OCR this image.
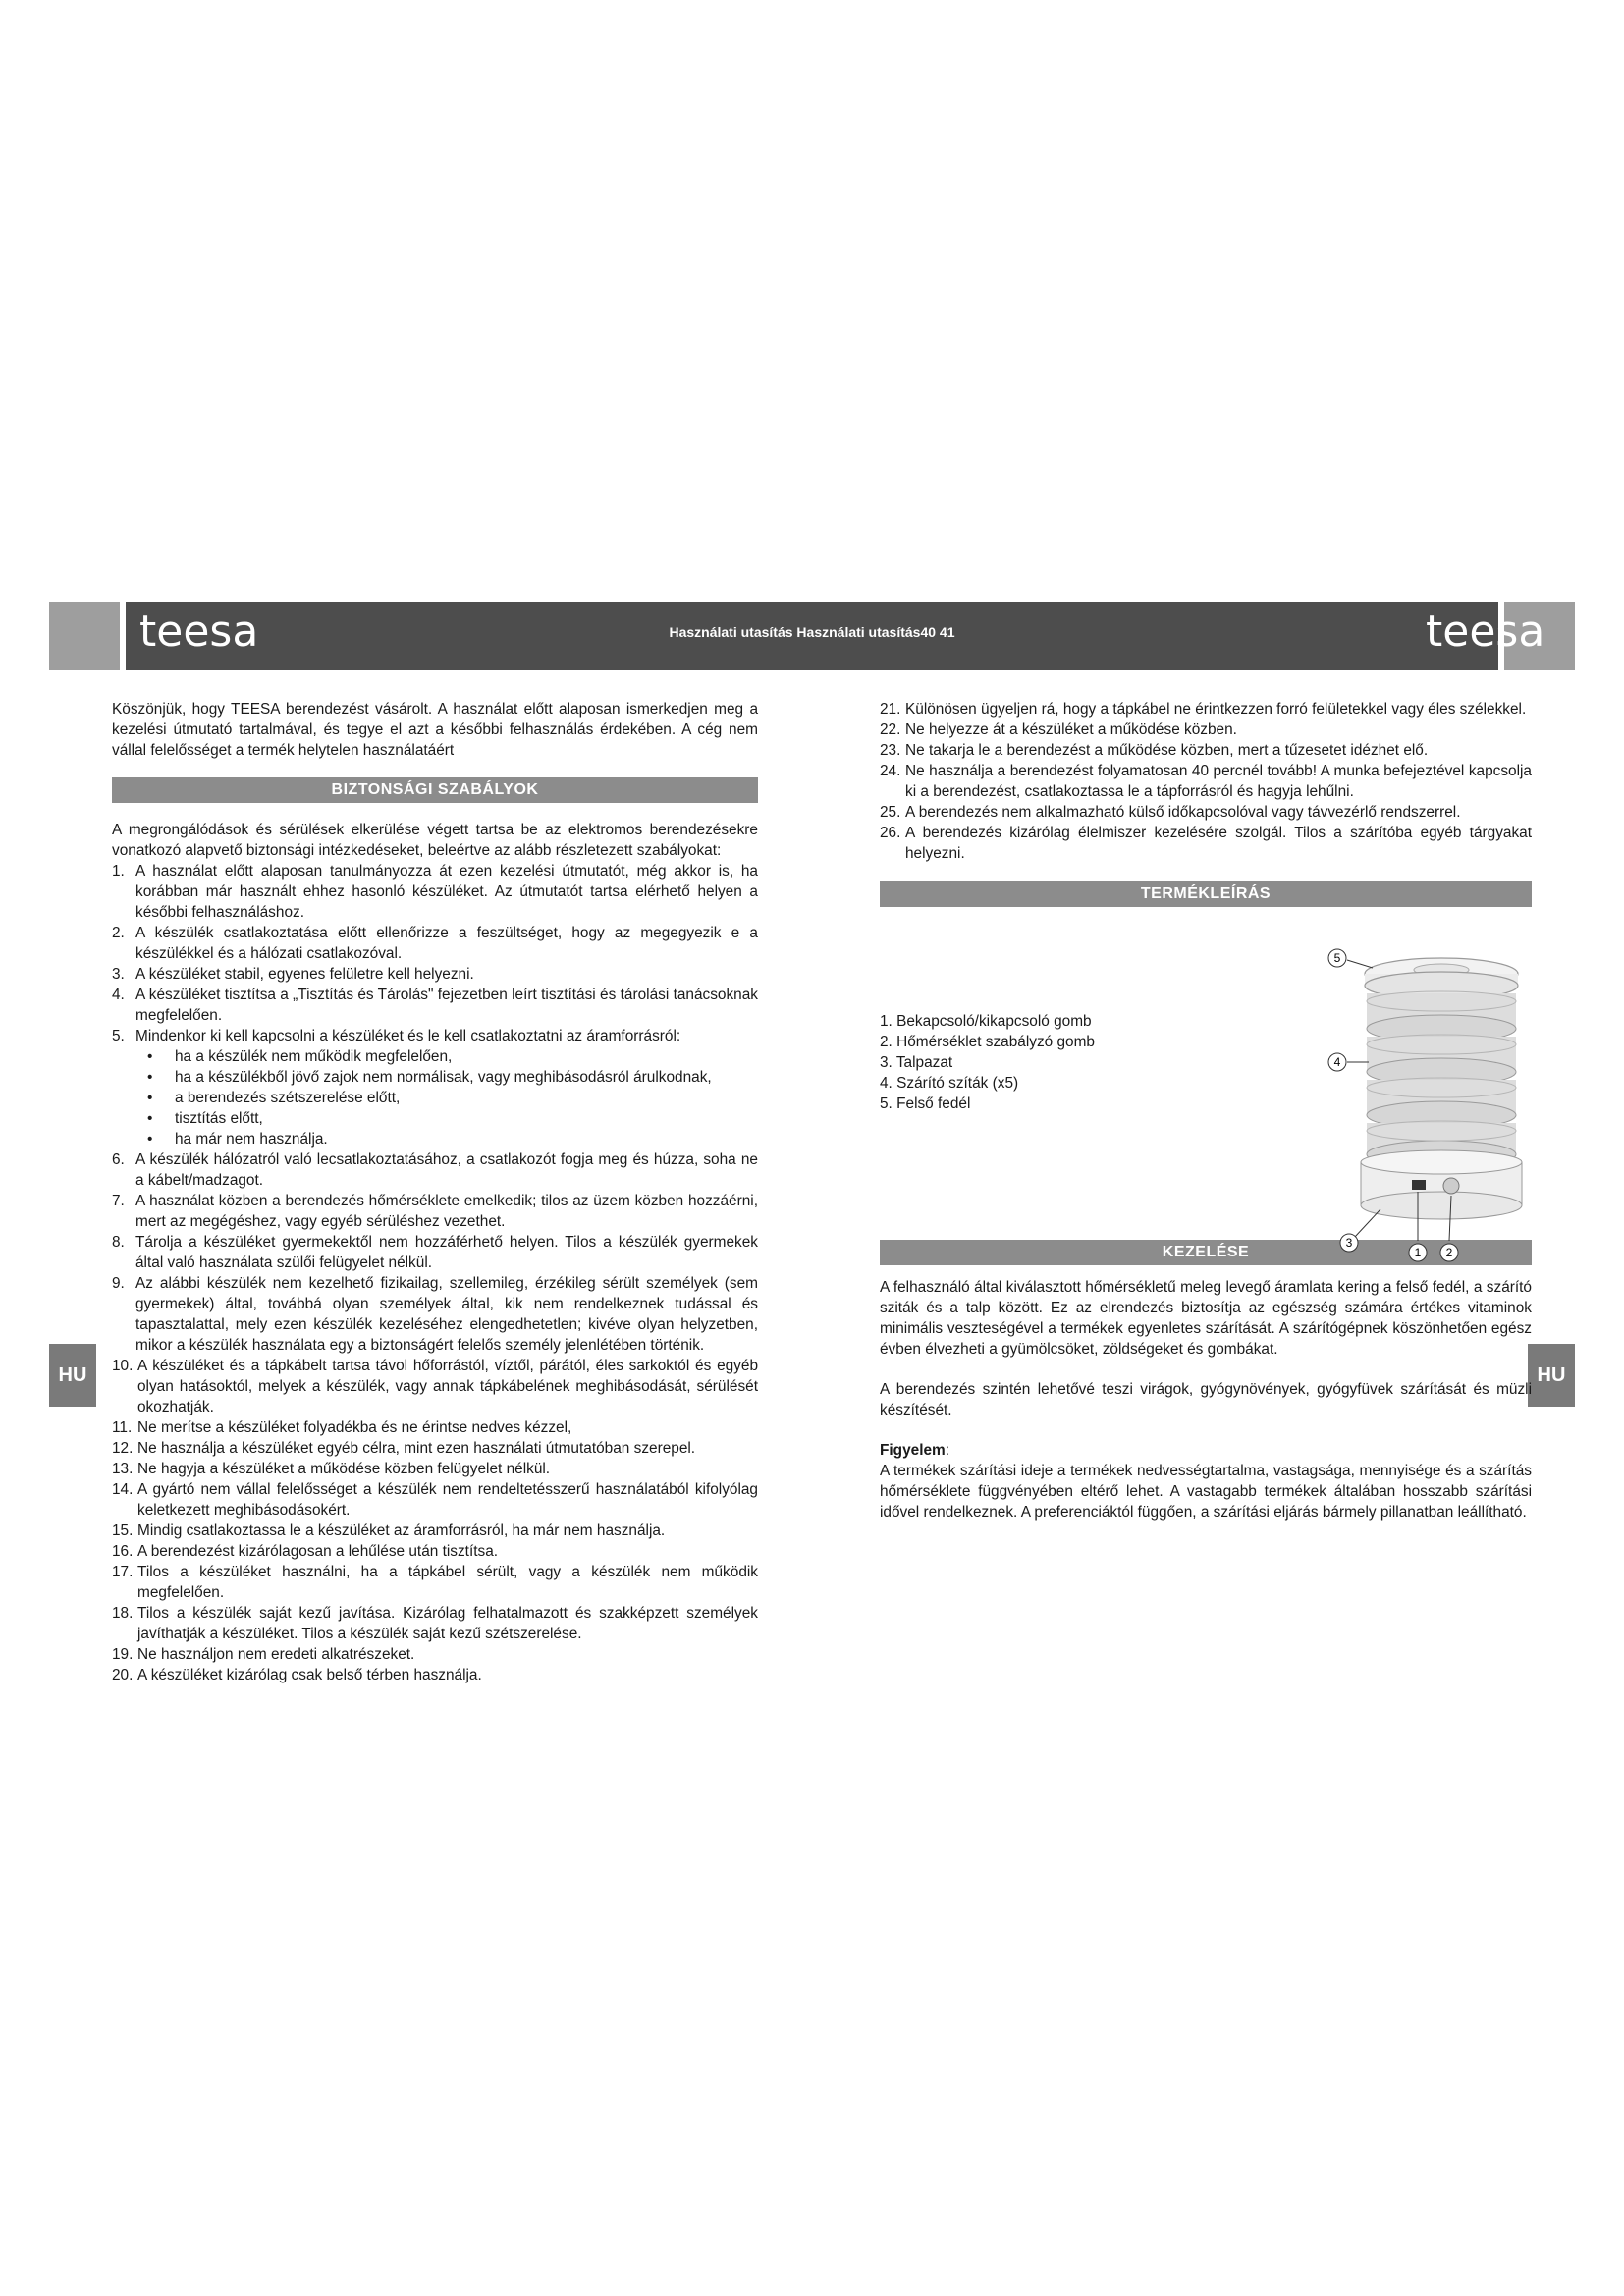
teesa	teesa
Használati utasítás Használati utasítás40 41
HU	HU

Köszönjük, hogy TEESA berendezést vásárolt. A használat előtt alaposan ismerkedjen meg a kezelési útmutató tartalmával, és tegye el azt a későbbi felhasználás érdekében. A cég nem vállal felelősséget a termék helytelen használatáért

BIZTONSÁGI SZABÁLYOK

A megrongálódások és sérülések elkerülése végett tartsa be az elektromos berendezésekre vonatkozó alapvető biztonsági intézkedéseket, beleértve az alább részletezett szabályokat:

1. A használat előtt alaposan tanulmányozza át ezen kezelési útmutatót, még akkor is, ha korábban már használt ehhez hasonló készüléket. Az útmutatót tartsa elérhető helyen a későbbi felhasználáshoz.
2. A készülék csatlakoztatása előtt ellenőrizze a feszültséget, hogy az megegyezik e a készülékkel és a hálózati csatlakozóval.
3. A készüléket stabil, egyenes felületre kell helyezni.
4. A készüléket tisztítsa a „Tisztítás és Tárolás" fejezetben leírt tisztítási és tárolási tanácsoknak megfelelően.
5. Mindenkor ki kell kapcsolni a készüléket és le kell csatlakoztatni az áramforrásról:
• ha a készülék nem működik megfelelően,
• ha a készülékből jövő zajok nem normálisak, vagy meghibásodásról árulkodnak,
• a berendezés szétszerelése előtt,
• tisztítás előtt,
• ha már nem használja.
6. A készülék hálózatról való lecsatlakoztatásához, a csatlakozót fogja meg és húzza, soha ne a kábelt/madzagot.
7. A használat közben a berendezés hőmérséklete emelkedik; tilos az üzem közben hozzáérni, mert az megégéshez, vagy egyéb sérüléshez vezethet.
8. Tárolja a készüléket gyermekektől nem hozzáférhető helyen. Tilos a készülék gyermekek által való használata szülői felügyelet nélkül.
9. Az alábbi készülék nem kezelhető fizikailag, szellemileg, érzékileg sérült személyek (sem gyermekek) által, továbbá olyan személyek által, kik nem rendelkeznek tudással és tapasztalattal, mely ezen készülék kezeléséhez elengedhetetlen; kivéve olyan helyzetben, mikor a készülék használata egy a biztonságért felelős személy jelenlétében történik.
10. A készüléket és a tápkábelt tartsa távol hőforrástól, víztől, párától, éles sarkoktól és egyéb olyan hatásoktól, melyek a készülék, vagy annak tápkábelének meghibásodását, sérülését okozhatják.
11. Ne merítse a készüléket folyadékba és ne érintse nedves kézzel,
12. Ne használja a készüléket egyéb célra, mint ezen használati útmutatóban szerepel.
13. Ne hagyja a készüléket a működése közben felügyelet nélkül.
14. A gyártó nem vállal felelősséget a készülék nem rendeltetésszerű használatából kifolyólag keletkezett meghibásodásokért.
15. Mindig csatlakoztassa le a készüléket az áramforrásról, ha már nem használja.
16. A berendezést kizárólagosan a lehűlése után tisztítsa.
17. Tilos a készüléket használni, ha a tápkábel sérült, vagy a készülék nem működik megfelelően.
18. Tilos a készülék saját kezű javítása. Kizárólag felhatalmazott és szakképzett személyek javíthatják a készüléket. Tilos a készülék saját kezű szétszerelése.
19. Ne használjon nem eredeti alkatrészeket.
20. A készüléket kizárólag csak belső térben használja.
21. Különösen ügyeljen rá, hogy a tápkábel ne érintkezzen forró felületekkel vagy éles szélekkel.
22. Ne helyezze át a készüléket a működése közben.
23. Ne takarja le a berendezést a működése közben, mert a tűzesetet idézhet elő.
24. Ne használja a berendezést folyamatosan 40 percnél tovább! A munka befejeztével kapcsolja ki a berendezést, csatlakoztassa le a tápforrásról és hagyja lehűlni.
25. A berendezés nem alkalmazható külső időkapcsolóval vagy távvezérlő rendszerrel.
26. A berendezés kizárólag élelmiszer kezelésére szolgál. Tilos a szárítóba egyéb tárgyakat helyezni.
TERMÉKLEÍRÁS
1. Bekapcsoló/kikapcsoló gomb
2. Hőmérséklet szabályzó gomb
3. Talpazat
4. Szárító szíták (x5)
5. Felső fedél
KEZELÉSE

A felhasználó által kiválasztott hőmérsékletű meleg levegő áramlata kering a felső fedél, a szárító sziták és a talp között. Ez az elrendezés biztosítja az egészség számára értékes vitaminok minimális veszteségével a termékek egyenletes szárítását. A szárítógépnek köszönhetően egész évben élvezheti a gyümölcsöket, zöldségeket és gombákat.

A berendezés szintén lehetővé teszi virágok, gyógynövények, gyógyfüvek szárítását és müzli készítését.

Figyelem:

A termékek szárítási ideje a termékek nedvességtartalma, vastagsága, mennyisége és a szárítás hőmérséklete függvényében eltérő lehet. A vastagabb termékek általában hosszabb szárítási idővel rendelkeznek. A preferenciáktól függően, a szárítási eljárás bármely pillanatban leállítható.

5
4
3
1 2
